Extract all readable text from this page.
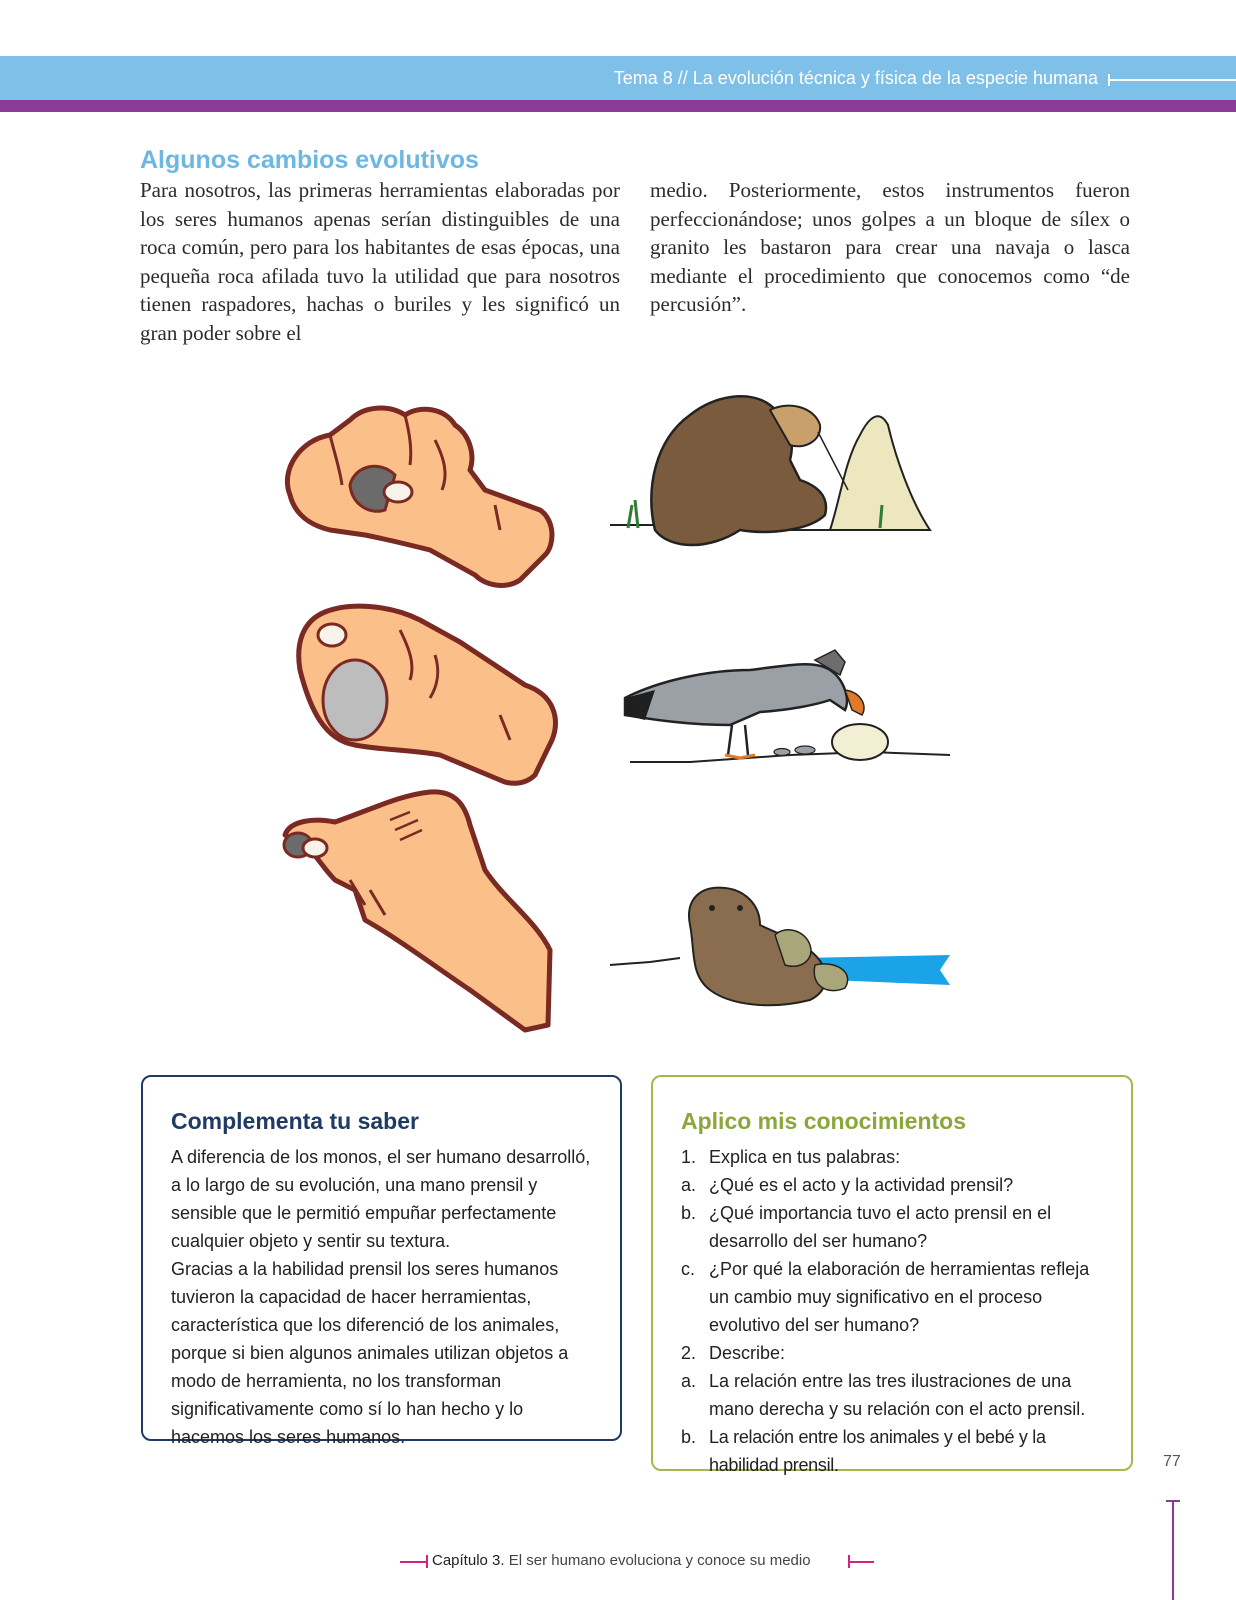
Tema 8 // La evolución técnica y física de la especie humana
Algunos cambios evolutivos

Para nosotros, las primeras herramientas elaboradas por los seres humanos apenas serían distinguibles de una roca común, pero para los habitantes de esas épocas, una pequeña roca afilada tuvo la utilidad que para nosotros tienen raspadores, hachas o buriles y les significó un gran poder sobre el

medio. Posteriormente, estos instrumentos fueron perfeccionándose; unos golpes a un bloque de sílex o granito les bastaron para crear una navaja o lasca mediante el procedimiento que conocemos como “de percusión”.

Complementa tu saber

A diferencia de los monos, el ser humano desarrolló, a lo largo de su evolución, una mano prensil y sensible que le permitió empuñar perfectamente cualquier objeto y sentir su textura.

Gracias a la habilidad prensil los seres humanos tuvieron la capacidad de hacer herramientas, característica que los diferenció de los animales, porque si bien algunos animales utilizan objetos a modo de herramienta, no los transforman significativamente como sí lo han hecho y lo hacemos los seres humanos.

Aplico mis conocimientos
1. Explica en tus palabras:
a. ¿Qué es el acto y la actividad prensil?
b. ¿Qué importancia tuvo el acto prensil en el desarrollo del ser humano?
c. ¿Por qué la elaboración de herramientas refleja un cambio muy significativo en el proceso evolutivo del ser humano?
2. Describe:
a. La relación entre las tres ilustraciones de una mano derecha y su relación con el acto prensil.
b. La relación entre los animales y el bebé y la habilidad prensil.	77
Capítulo 3. El ser humano evoluciona y conoce su medio
